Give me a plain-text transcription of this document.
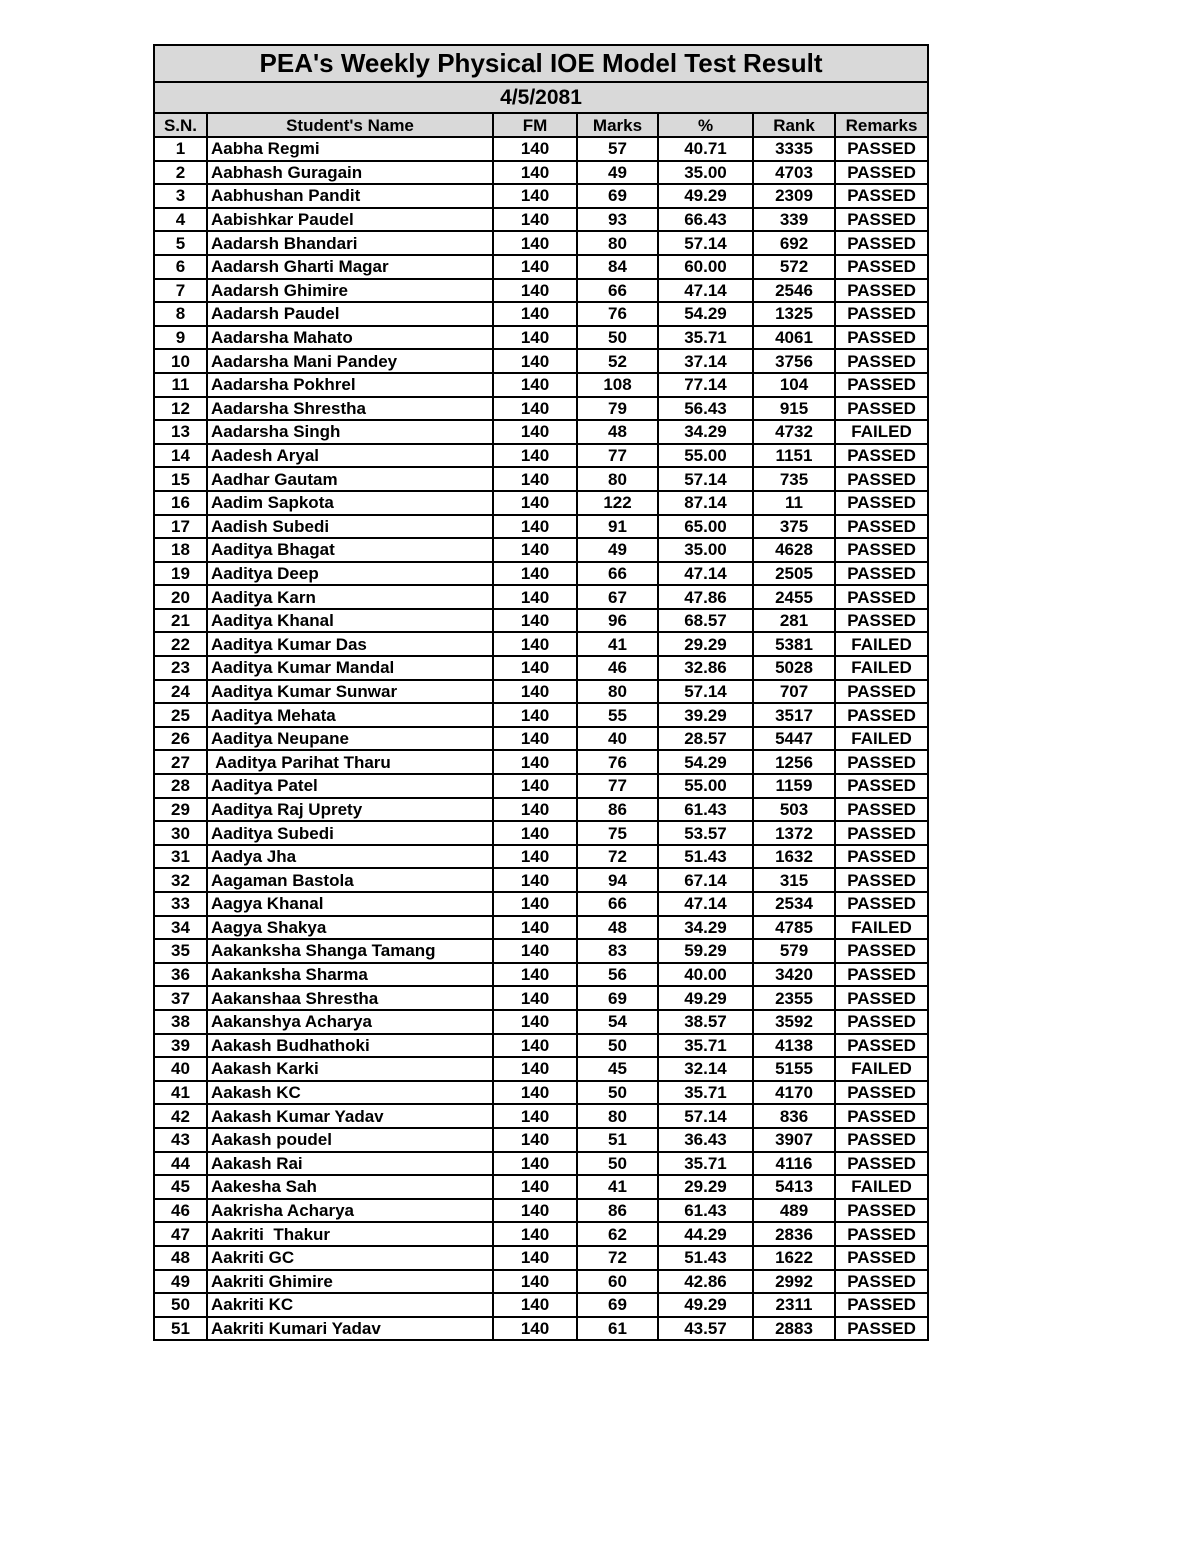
PEA's Weekly Physical IOE Model Test Result						
4/5/2081						
S.N.	Student's Name	FM	Marks	%	Rank	Remarks
1	Aabha Regmi	140	57	40.71	3335	PASSED
2	Aabhash Guragain	140	49	35.00	4703	PASSED
3	Aabhushan Pandit	140	69	49.29	2309	PASSED
4	Aabishkar Paudel	140	93	66.43	339	PASSED
5	Aadarsh Bhandari	140	80	57.14	692	PASSED
6	Aadarsh Gharti Magar	140	84	60.00	572	PASSED
7	Aadarsh Ghimire	140	66	47.14	2546	PASSED
8	Aadarsh Paudel	140	76	54.29	1325	PASSED
9	Aadarsha Mahato	140	50	35.71	4061	PASSED
10	Aadarsha Mani Pandey	140	52	37.14	3756	PASSED
11	Aadarsha Pokhrel	140	108	77.14	104	PASSED
12	Aadarsha Shrestha	140	79	56.43	915	PASSED
13	Aadarsha Singh	140	48	34.29	4732	FAILED
14	Aadesh Aryal	140	77	55.00	1151	PASSED
15	Aadhar Gautam	140	80	57.14	735	PASSED
16	Aadim Sapkota	140	122	87.14	11	PASSED
17	Aadish Subedi	140	91	65.00	375	PASSED
18	Aaditya Bhagat	140	49	35.00	4628	PASSED
19	Aaditya Deep	140	66	47.14	2505	PASSED
20	Aaditya Karn	140	67	47.86	2455	PASSED
21	Aaditya Khanal	140	96	68.57	281	PASSED
22	Aaditya Kumar Das	140	41	29.29	5381	FAILED
23	Aaditya Kumar Mandal	140	46	32.86	5028	FAILED
24	Aaditya Kumar Sunwar	140	80	57.14	707	PASSED
25	Aaditya Mehata	140	55	39.29	3517	PASSED
26	Aaditya Neupane	140	40	28.57	5447	FAILED
27	Aaditya Parihat Tharu	140	76	54.29	1256	PASSED
28	Aaditya Patel	140	77	55.00	1159	PASSED
29	Aaditya Raj Uprety	140	86	61.43	503	PASSED
30	Aaditya Subedi	140	75	53.57	1372	PASSED
31	Aadya Jha	140	72	51.43	1632	PASSED
32	Aagaman Bastola	140	94	67.14	315	PASSED
33	Aagya Khanal	140	66	47.14	2534	PASSED
34	Aagya Shakya	140	48	34.29	4785	FAILED
35	Aakanksha Shanga Tamang	140	83	59.29	579	PASSED
36	Aakanksha Sharma	140	56	40.00	3420	PASSED
37	Aakanshaa Shrestha	140	69	49.29	2355	PASSED
38	Aakanshya Acharya	140	54	38.57	3592	PASSED
39	Aakash Budhathoki	140	50	35.71	4138	PASSED
40	Aakash Karki	140	45	32.14	5155	FAILED
41	Aakash KC	140	50	35.71	4170	PASSED
42	Aakash Kumar Yadav	140	80	57.14	836	PASSED
43	Aakash poudel	140	51	36.43	3907	PASSED
44	Aakash Rai	140	50	35.71	4116	PASSED
45	Aakesha Sah	140	41	29.29	5413	FAILED
46	Aakrisha Acharya	140	86	61.43	489	PASSED
47	Aakriti  Thakur	140	62	44.29	2836	PASSED
48	Aakriti GC	140	72	51.43	1622	PASSED
49	Aakriti Ghimire	140	60	42.86	2992	PASSED
50	Aakriti KC	140	69	49.29	2311	PASSED
51	Aakriti Kumari Yadav	140	61	43.57	2883	PASSED
